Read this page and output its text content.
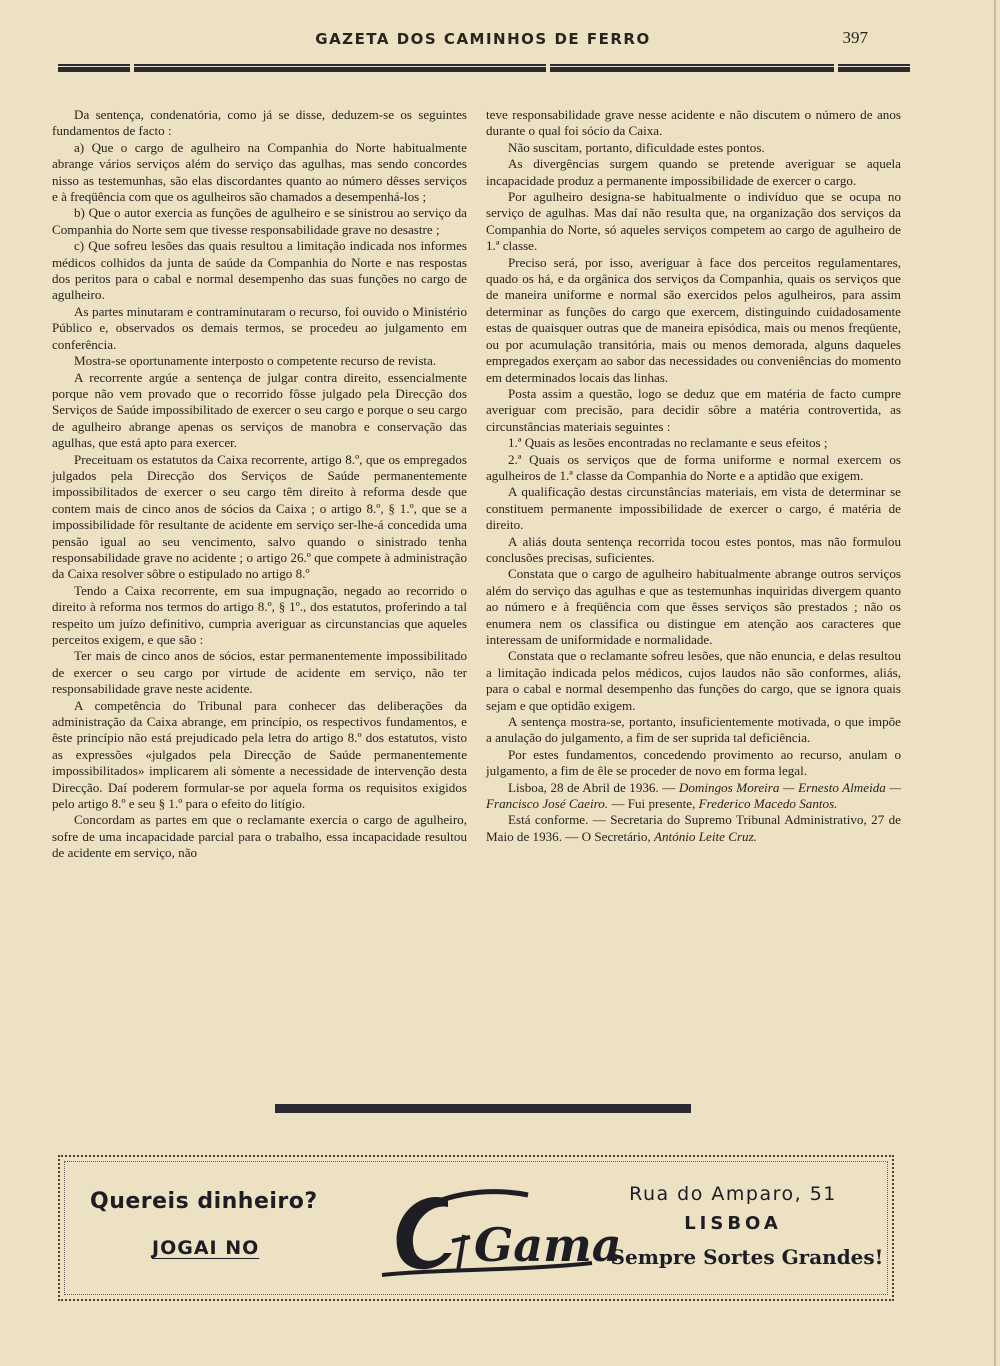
GAZETA DOS CAMINHOS DE FERRO	397

Da sentença, condenatória, como já se disse, deduzem-se os seguintes fundamentos de facto :

a) Que o cargo de agulheiro na Companhia do Norte habitualmente abrange vários serviços além do serviço das agulhas, mas sendo concordes nisso as testemunhas, são elas discordantes quanto ao número dêsses serviços e à freqüência com que os agulheiros são chamados a desempenhá-los ;

b) Que o autor exercia as funções de agulheiro e se sinistrou ao serviço da Companhia do Norte sem que tivesse responsabilidade grave no desastre ;

c) Que sofreu lesões das quais resultou a limitação indicada nos informes médicos colhidos da junta de saúde da Companhia do Norte e nas respostas dos peritos para o cabal e normal desempenho das suas funções no cargo de agulheiro.

As partes minutaram e contraminutaram o recurso, foi ouvido o Ministério Público e, observados os demais termos, se procedeu ao julgamento em conferência.

Mostra-se oportunamente interposto o competente recurso de revista.

A recorrente argúe a sentença de julgar contra direito, essencialmente porque não vem provado que o recorrido fôsse julgado pela Direcção dos Serviços de Saúde impossibilitado de exercer o seu cargo e porque o seu cargo de agulheiro abrange apenas os serviços de manobra e conservação das agulhas, que está apto para exercer.

Preceituam os estatutos da Caixa recorrente, artigo 8.º, que os empregados julgados pela Direcção dos Serviços de Saúde permanentemente impossibilitados de exercer o seu cargo têm direito à reforma desde que contem mais de cinco anos de sócios da Caixa ; o artigo 8.º, § 1.º, que se a impossibilidade fôr resultante de acidente em serviço ser-lhe-á concedida uma pensão igual ao seu vencimento, salvo quando o sinistrado tenha responsabilidade grave no acidente ; o artigo 26.º que compete à administração da Caixa resolver sôbre o estipulado no artigo 8.º

Tendo a Caixa recorrente, em sua impugnação, negado ao recorrido o direito à reforma nos termos do artigo 8.º, § 1º., dos estatutos, proferindo a tal respeito um juízo definitivo, cumpria averiguar as circunstancias que aqueles perceitos exigem, e que são :

Ter mais de cinco anos de sócios, estar permanentemente impossibilitado de exercer o seu cargo por virtude de acidente em serviço, não ter responsabilidade grave neste acidente.

A competência do Tribunal para conhecer das deliberações da administração da Caixa abrange, em princípio, os respectivos fundamentos, e êste princípio não está prejudicado pela letra do artigo 8.º dos estatutos, visto as expressões «julgados pela Direcção de Saúde permanentemente impossibilitados» implicarem ali sòmente a necessidade de intervenção desta Direcção. Daí poderem formular-se por aquela forma os requisitos exigidos pelo artigo 8.º e seu § 1.º para o efeito do litígio.

Concordam as partes em que o reclamante exercia o cargo de agulheiro, sofre de uma incapacidade parcial para o trabalho, essa incapacidade resultou de acidente em serviço, não

teve responsabilidade grave nesse acidente e não discutem o número de anos durante o qual foi sócio da Caixa.

Não suscitam, portanto, dificuldade estes pontos.

As divergências surgem quando se pretende averiguar se aquela incapacidade produz a permanente impossibilidade de exercer o cargo.

Por agulheiro designa-se habitualmente o indivíduo que se ocupa no serviço de agulhas. Mas daí não resulta que, na organização dos serviços da Companhia do Norte, só aqueles serviços competem ao cargo de agulheiro de 1.ª classe.

Preciso será, por isso, averiguar à face dos perceitos regulamentares, quado os há, e da orgânica dos serviços da Companhia, quais os serviços que de maneira uniforme e normal são exercidos pelos agulheiros, para assim determinar as funções do cargo que exercem, distinguindo cuidadosamente estas de quaisquer outras que de maneira episódica, mais ou menos freqüente, ou por acumulação transitória, mais ou menos demorada, alguns daqueles empregados exerçam ao sabor das necessidades ou conveniências do momento em determinados locais das linhas.

Posta assim a questão, logo se deduz que em matéria de facto cumpre averiguar com precisão, para decidir sôbre a matéria controvertida, as circunstâncias materiais seguintes :

1.ª Quais as lesões encontradas no reclamante e seus efeitos ;

2.ª Quais os serviços que de forma uniforme e normal exercem os agulheiros de 1.ª classe da Companhia do Norte e a aptidão que exigem.

A qualificação destas circunstâncias materiais, em vista de determinar se constituem permanente impossibilidade de exercer o cargo, é matéria de direito.

A aliás douta sentença recorrida tocou estes pontos, mas não formulou conclusões precisas, suficientes.

Constata que o cargo de agulheiro habitualmente abrange outros serviços além do serviço das agulhas e que as testemunhas inquiridas divergem quanto ao número e à freqüência com que êsses serviços são prestados ; não os enumera nem os classifica ou distingue em atenção aos caracteres que interessam de uniformidade e normalidade.

Constata que o reclamante sofreu lesões, que não enuncia, e delas resultou a limitação indicada pelos médicos, cujos laudos não são conformes, aliás, para o cabal e normal desempenho das funções do cargo, que se ignora quais sejam e que optidão exigem.

A sentença mostra-se, portanto, insuficientemente motivada, o que impõe a anulação do julgamento, a fim de ser suprida tal deficiência.

Por estes fundamentos, concedendo provimento ao recurso, anulam o julgamento, a fim de êle se proceder de novo em forma legal.

Lisboa, 28 de Abril de 1936. — Domingos Moreira — Ernesto Almeida — Francisco José Caeiro. — Fui presente, Frederico Macedo Santos.

Está conforme. — Secretaria do Supremo Tribunal Administrativo, 27 de Maio de 1936. — O Secretário, António Leite Cruz.

Quereis dinheiro?
JOGAI NO	Gama
Rua do Amparo, 51
LISBOA
Sempre Sortes Grandes!
